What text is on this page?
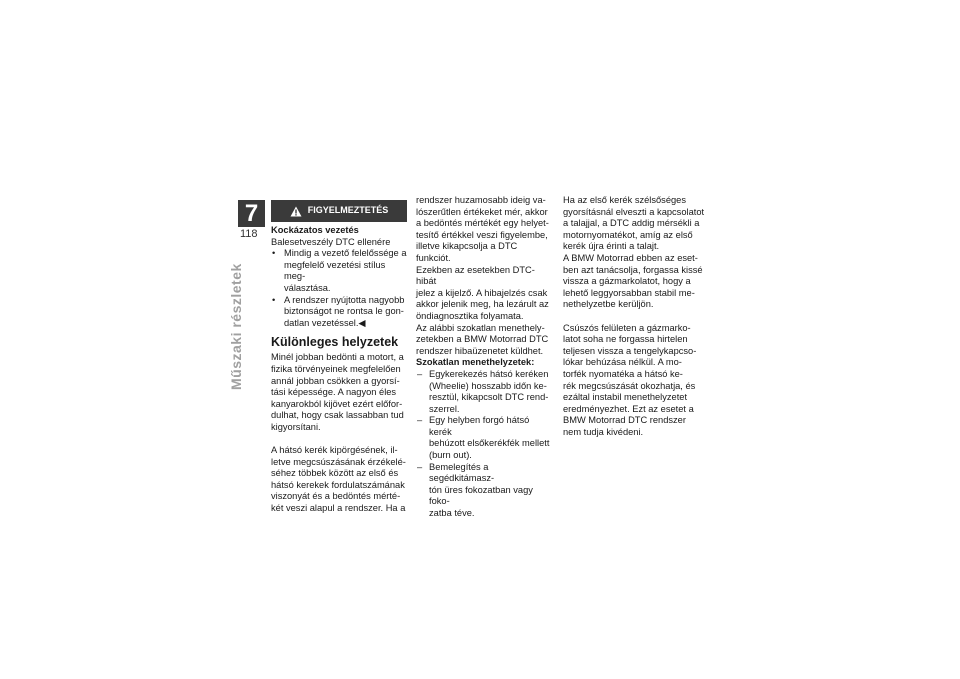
7
118
Műszaki részletek
FIGYELMEZTETÉS

Kockázatos vezetés

Balesetveszély DTC ellenére

• Mindig a vezető felelőssége a
megfelelő vezetési stílus meg-
választása.
• A rendszer nyújtotta nagyobb
biztonságot ne rontsa le gon-
datlan vezetéssel.◀

Különleges helyzetek

Minél jobban bedönti a motort, a
fizika törvényeinek megfelelően
annál jobban csökken a gyorsí-
tási képessége. A nagyon éles
kanyarokból kijövet ezért előfor-
dulhat, hogy csak lassabban tud
kigyorsítani.

A hátsó kerék kipörgésének, il-
letve megcsúszásának érzékelé-
séhez többek között az első és
hátsó kerekek fordulatszámának
viszonyát és a bedöntés mérté-
két veszi alapul a rendszer. Ha a

rendszer huzamosabb ideig va-
lószerűtlen értékeket mér, akkor
a bedöntés mértékét egy helyet-
tesítő értékkel veszi figyelembe,
illetve kikapcsolja a DTC funkciót.
Ezekben az esetekben DTC-hibát
jelez a kijelző. A hibajelzés csak
akkor jelenik meg, ha lezárult az
öndiagnosztika folyamata.
Az alábbi szokatlan menethely-
zetekben a BMW Motorrad DTC
rendszer hibaüzenetet küldhet.

Szokatlan menethelyzetek:

– Egykerekezés hátsó keréken
(Wheelie) hosszabb időn ke-
resztül, kikapcsolt DTC rend-
szerrel.
– Egy helyben forgó hátsó kerék
behúzott elsőkerékfék mellett
(burn out).
– Bemelegítés a segédkitámasz-
tón üres fokozatban vagy foko-
zatba téve.

Ha az első kerék szélsőséges
gyorsításnál elveszti a kapcsolatot
a talajjal, a DTC addig mérsékli a
motornyomatékot, amíg az első
kerék újra érinti a talajt.
A BMW Motorrad ebben az eset-
ben azt tanácsolja, forgassa kissé
vissza a gázmarkolatot, hogy a
lehető leggyorsabban stabil me-
nethelyzetbe kerüljön.

Csúszós felületen a gázmarko-
latot soha ne forgassa hirtelen
teljesen vissza a tengelykapcso-
lókar behúzása nélkül. A mo-
torfék nyomatéka a hátsó ke-
rék megcsúszását okozhatja, és
ezáltal instabil menethelyzetet
eredményezhet. Ezt az esetet a
BMW Motorrad DTC rendszer
nem tudja kivédeni.
